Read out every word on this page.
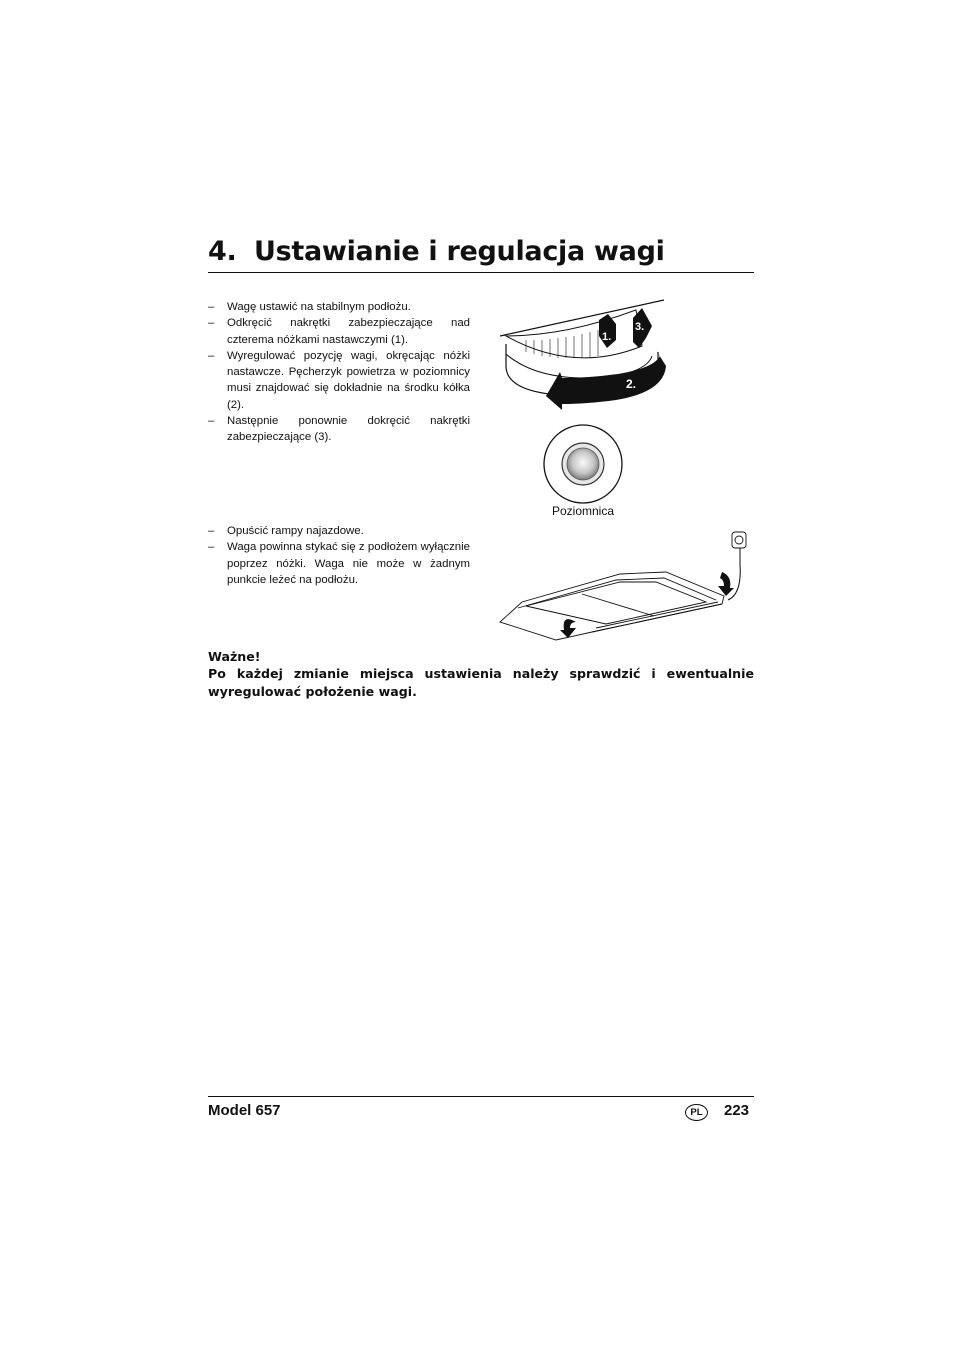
4. Ustawianie i regulacja wagi
– Wagę ustawić na stabilnym podłożu.
– Odkręcić nakrętki zabezpieczające nad czterema nóżkami nastawczymi (1).
– Wyregulować pozycję wagi, okręcając nóżki nastawcze. Pęcherzyk powietrza w poziomnicy musi znajdować się dokładnie na środku kółka (2).
– Następnie ponownie dokręcić nakrętki zabezpieczające (3).
1.
3.
2.
Poziomnica
– Opuścić rampy najazdowe.
– Waga powinna stykać się z podłożem wyłącznie poprzez nóżki. Waga nie może w żadnym punkcie leżeć na podłożu.
Ważne!

Po każdej zmianie miejsca ustawienia należy sprawdzić i ewentualnie wyregulować położenie wagi.

Model 657	PL	223
